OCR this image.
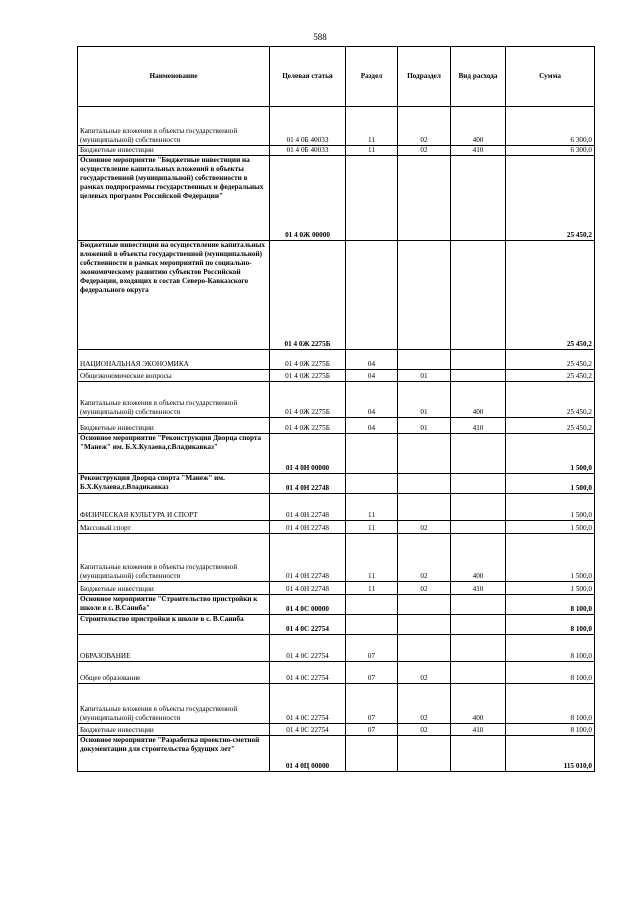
588
Наименование	Целевая статья	Раздел	Подраздел	Вид расхода	Сумма
Капитальные вложения в объекты государственной (муниципальной) собственности	01 4 0Б 40033	11	02	400	6 300,0
Бюджетные инвестиции	01 4 0Б 40033	11	02	410	6 300,0
Основное мероприятие "Бюджетные инвестиции на осуществление капитальных вложений в объекты государственной (муниципальной) собственности в рамках подпрограммы государственных и федеральных целевых программ Российской Федерации"	01 4 0Ж 00000				25 450,2
Бюджетные инвестиции на осуществление капитальных вложений в объекты государственной (муниципальной) собственности в рамках мероприятий по социально-экономическому развитию субъектов Российской Федерации, входящих в состав Северо-Кавказского федерального округа	01 4 0Ж 2275Б				25 450,2
НАЦИОНАЛЬНАЯ ЭКОНОМИКА	01 4 0Ж 2275Б	04			25 450,2
Общеэкономические вопросы	01 4 0Ж 2275Б	04	01		25 450,2
Капитальные вложения в объекты государственной (муниципальной) собственности	01 4 0Ж 2275Б	04	01	400	25 450,2
Бюджетные инвестиции	01 4 0Ж 2275Б	04	01	410	25 450,2
Основное мероприятие "Реконструкция Дворца спорта "Манеж" им. Б.Х.Кулаева,г.Владикавказ"	01 4 0Н 00000				1 500,0
Реконструкция Дворца спорта "Манеж" им. Б.Х.Кулаева,г.Владикавказ	01 4 0Н 22748				1 500,0
ФИЗИЧЕСКАЯ КУЛЬТУРА И СПОРТ	01 4 0Н 22748	11			1 500,0
Массовый спорт	01 4 0Н 22748	11	02		1 500,0
Капитальные вложения в объекты государственной (муниципальной) собственности	01 4 0Н 22748	11	02	400	1 500,0
Бюджетные инвестиции	01 4 0Н 22748	11	02	410	1 500,0
Основное мероприятие "Строительство пристройки к школе в с. В.Саниба"	01 4 0С 00000				8 100,0
Строительство пристройки к школе в с. В.Саниба	01 4 0С 22754				8 100,0
ОБРАЗОВАНИЕ	01 4 0С 22754	07			8 100,0
Общее образование	01 4 0С 22754	07	02		8 100,0
Капитальные вложения в объекты государственной (муниципальной) собственности	01 4 0С 22754	07	02	400	8 100,0
Бюджетные инвестиции	01 4 0С 22754	07	02	410	8 100,0
Основное мероприятие "Разработка проектно-сметной документации для строительства будущих лет"	01 4 0Ц 00000				115 010,0
